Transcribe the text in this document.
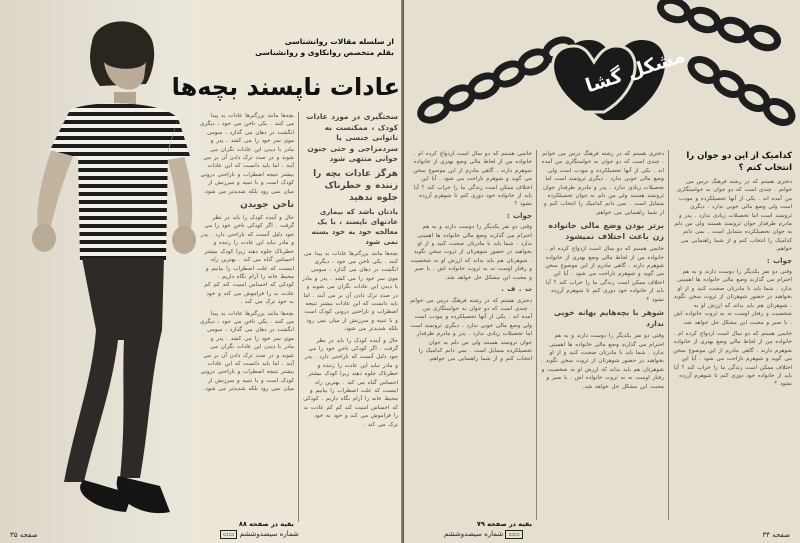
از سلسله مقالات روانشناسی
بقلم متخصص روانکاوی و روانشناسی
عادات ناپسند بچه‌ها

سختگیری در مورد عادات کودک ، ممکنست به ناتوانی جنسی یا سردمزاجی و حتی جنون جوانی منتهی شود

هرگز عادات بچه را زننده و خطرناک جلوه ندهید

یادتان باشد که بیماری عادتهای ناپسند ، با یک معالجه خود به خود بسته نمی شود

بچه‌ها مانند بزرگترها عادات بد پیدا می کنند . یکی ناخن می جود ، دیگری انگشت در دهان می گذارد ، سومی موی سر خود را می کشد . پدر و مادر با دیدن این عادات نگران می شوند و در صدد ترک دادن آن بر می آیند . اما باید دانست که این عادات بیشتر نتیجه اضطراب و ناراحتی درونی کودک است و با تنبیه و سرزنش از میان نمی رود بلکه شدیدتر می شود.

حال و آینده کودک را باید در نظر گرفت . اگر کودکی ناخن خود را می جود دلیل آنست که ناراحتی دارد . پدر و مادر نباید این عادت را زننده و خطرناک جلوه دهند زیرا کودک بیشتر احساس گناه می کند . بهترین راه اینست که علت اضطراب را بیابیم و محیط خانه را آرام نگاه داریم . کودکی که احساس امنیت کند کم کم عادت بد را فراموش می کند و خود به خود ترک می کند .

بچه‌ها مانند بزرگترها عادات بد پیدا می کنند . یکی ناخن می جود ، دیگری انگشت در دهان می گذارد ، سومی موی سر خود را می کشد . پدر و مادر با دیدن این عادات نگران می شوند و در صدد ترک دادن آن بر می آیند . اما باید دانست که این عادات بیشتر نتیجه اضطراب و ناراحتی درونی کودک است و با تنبیه و سرزنش از میان نمی رود بلکه شدیدتر می شود.

ناخن جویدن

حال و آینده کودک را باید در نظر گرفت . اگر کودکی ناخن خود را می جود دلیل آنست که ناراحتی دارد . پدر و مادر نباید این عادت را زننده و خطرناک جلوه دهند زیرا کودک بیشتر احساس گناه می کند . بهترین راه اینست که علت اضطراب را بیابیم و محیط خانه را آرام نگاه داریم . کودکی که احساس امنیت کند کم کم عادت بد را فراموش می کند و خود به خود ترک می کند .

بچه‌ها مانند بزرگترها عادات بد پیدا می کنند . یکی ناخن می جود ، دیگری انگشت در دهان می گذارد ، سومی موی سر خود را می کشد . پدر و مادر با دیدن این عادات نگران می شوند و در صدد ترک دادن آن بر می آیند . اما باید دانست که این عادات بیشتر نتیجه اضطراب و ناراحتی درونی کودک است و با تنبیه و سرزنش از میان نمی رود بلکه شدیدتر می شود.

بقیه در صفحه ۸۸
صفحه ۳۵	▭▭ شماره سیصدوششم
مشکل گشا
کدامیک از این دو جوان را انتخاب کنم ؟

دختری هستم که در رشته فرهنگ درس می خوانم . چندی است که دو جوان به خواستگاری من آمده اند . یکی از آنها تحصیلکرده و مودب است ولی وضع مالی خوبی ندارد . دیگری ثروتمند است اما تحصیلات زیادی ندارد . پدر و مادرم طرفدار جوان ثروتمند هستند ولی من دلم به جوان تحصیلکرده متمایل است . نمی دانم کدامیک را انتخاب کنم و از شما راهنمایی می خواهم.

جواب :

وقتی دو نفر یکدیگر را دوست دارند و به هم احترام می گذارند وضع مالی خانواده ها اهمیتی ندارد . شما باید با مادرتان صحبت کنید و از او بخواهید در حضور شوهرتان از ثروت سخن نگوید . شوهرتان هم باید بداند که ارزش او به شخصیت و رفتار اوست نه به ثروت خانواده اش . با صبر و محبت این مشکل حل خواهد شد.

خانمی هستم که دو سال است ازدواج کرده ام . خانواده من از لحاظ مالی وضع بهتری از خانواده شوهرم دارند . گاهی مادرم از این موضوع سخن می گوید و شوهرم ناراحت می شود . آیا این اختلاف ممکن است زندگی ما را خراب کند ؟ آیا باید از خانواده خود دوری کنم تا شوهرم آزرده نشود ؟

دختری هستم که در رشته فرهنگ درس می خوانم . چندی است که دو جوان به خواستگاری من آمده اند . یکی از آنها تحصیلکرده و مودب است ولی وضع مالی خوبی ندارد . دیگری ثروتمند است اما تحصیلات زیادی ندارد . پدر و مادرم طرفدار جوان ثروتمند هستند ولی من دلم به جوان تحصیلکرده متمایل است . نمی دانم کدامیک را انتخاب کنم و از شما راهنمایی می خواهم.

برتر بودن وضع مالی خانواده زن باعث اختلاف نمیشود

خانمی هستم که دو سال است ازدواج کرده ام . خانواده من از لحاظ مالی وضع بهتری از خانواده شوهرم دارند . گاهی مادرم از این موضوع سخن می گوید و شوهرم ناراحت می شود . آیا این اختلاف ممکن است زندگی ما را خراب کند ؟ آیا باید از خانواده خود دوری کنم تا شوهرم آزرده نشود ؟

شوهر با بچه‌هایم بهانه خوبی ندارد

وقتی دو نفر یکدیگر را دوست دارند و به هم احترام می گذارند وضع مالی خانواده ها اهمیتی ندارد . شما باید با مادرتان صحبت کنید و از او بخواهید در حضور شوهرتان از ثروت سخن نگوید . شوهرتان هم باید بداند که ارزش او به شخصیت و رفتار اوست نه به ثروت خانواده اش . با صبر و محبت این مشکل حل خواهد شد.

خانمی هستم که دو سال است ازدواج کرده ام . خانواده من از لحاظ مالی وضع بهتری از خانواده شوهرم دارند . گاهی مادرم از این موضوع سخن می گوید و شوهرم ناراحت می شود . آیا این اختلاف ممکن است زندگی ما را خراب کند ؟ آیا باید از خانواده خود دوری کنم تا شوهرم آزرده نشود ؟

جواب :

وقتی دو نفر یکدیگر را دوست دارند و به هم احترام می گذارند وضع مالی خانواده ها اهمیتی ندارد . شما باید با مادرتان صحبت کنید و از او بخواهید در حضور شوهرتان از ثروت سخن نگوید . شوهرتان هم باید بداند که ارزش او به شخصیت و رفتار اوست نه به ثروت خانواده اش . با صبر و محبت این مشکل حل خواهد شد.

ت . ف .

دختری هستم که در رشته فرهنگ درس می خوانم . چندی است که دو جوان به خواستگاری من آمده اند . یکی از آنها تحصیلکرده و مودب است ولی وضع مالی خوبی ندارد . دیگری ثروتمند است اما تحصیلات زیادی ندارد . پدر و مادرم طرفدار جوان ثروتمند هستند ولی من دلم به جوان تحصیلکرده متمایل است . نمی دانم کدامیک را انتخاب کنم و از شما راهنمایی می خواهم.

بقیه در صفحه ۷۹
شماره سیصدوششم ▭▭	صفحه ۳۴
